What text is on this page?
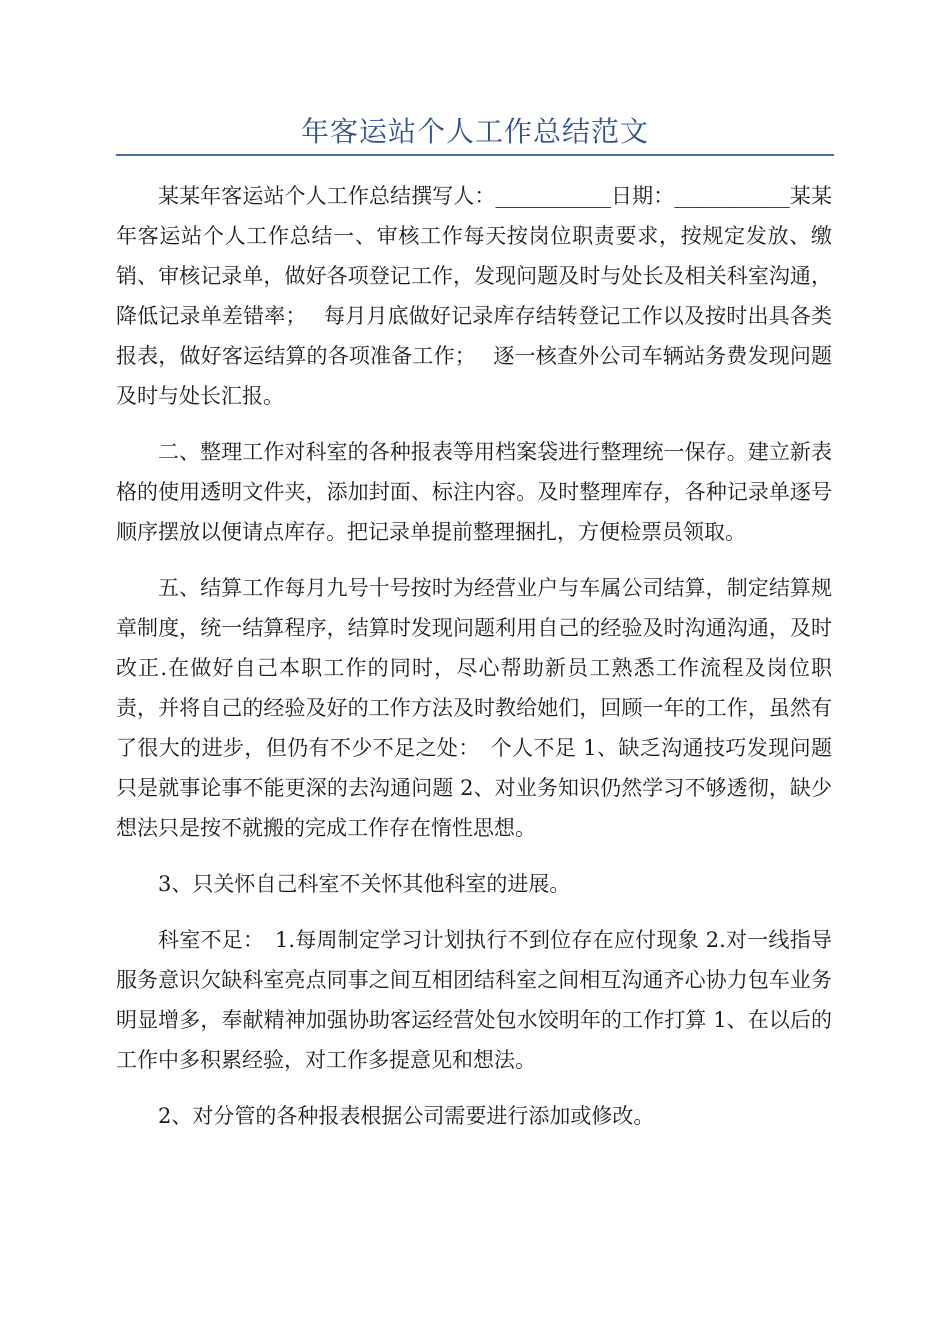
年客运站个人工作总结范文

某某年客运站个人工作总结撰写人：___________日期：___________某某年客运站个人工作总结一、审核工作每天按岗位职责要求，按规定发放、缴销、审核记录单，做好各项登记工作，发现问题及时与处长及相关科室沟通，降低记录单差错率；　 每月月底做好记录库存结转登记工作以及按时出具各类报表，做好客运结算的各项准备工作；　 逐一核查外公司车辆站务费发现问题及时与处长汇报。

二、整理工作对科室的各种报表等用档案袋进行整理统一保存。建立新表格的使用透明文件夹，添加封面、标注内容。及时整理库存，各种记录单逐号顺序摆放以便请点库存。把记录单提前整理捆扎，方便检票员领取。

五、结算工作每月九号十号按时为经营业户与车属公司结算，制定结算规章制度，统一结算程序，结算时发现问题利用自己的经验及时沟通沟通，及时改正.在做好自己本职工作的同时，尽心帮助新员工熟悉工作流程及岗位职责，并将自己的经验及好的工作方法及时教给她们，回顾一年的工作，虽然有了很大的进步，但仍有不少不足之处：　个人不足 1、缺乏沟通技巧发现问题只是就事论事不能更深的去沟通问题 2、对业务知识仍然学习不够透彻，缺少想法只是按不就搬的完成工作存在惰性思想。

3、只关怀自己科室不关怀其他科室的进展。

科室不足：　1.每周制定学习计划执行不到位存在应付现象 2.对一线指导服务意识欠缺科室亮点同事之间互相团结科室之间相互沟通齐心协力包车业务明显增多，奉献精神加强协助客运经营处包水饺明年的工作打算 1、在以后的工作中多积累经验，对工作多提意见和想法。

2、对分管的各种报表根据公司需要进行添加或修改。
